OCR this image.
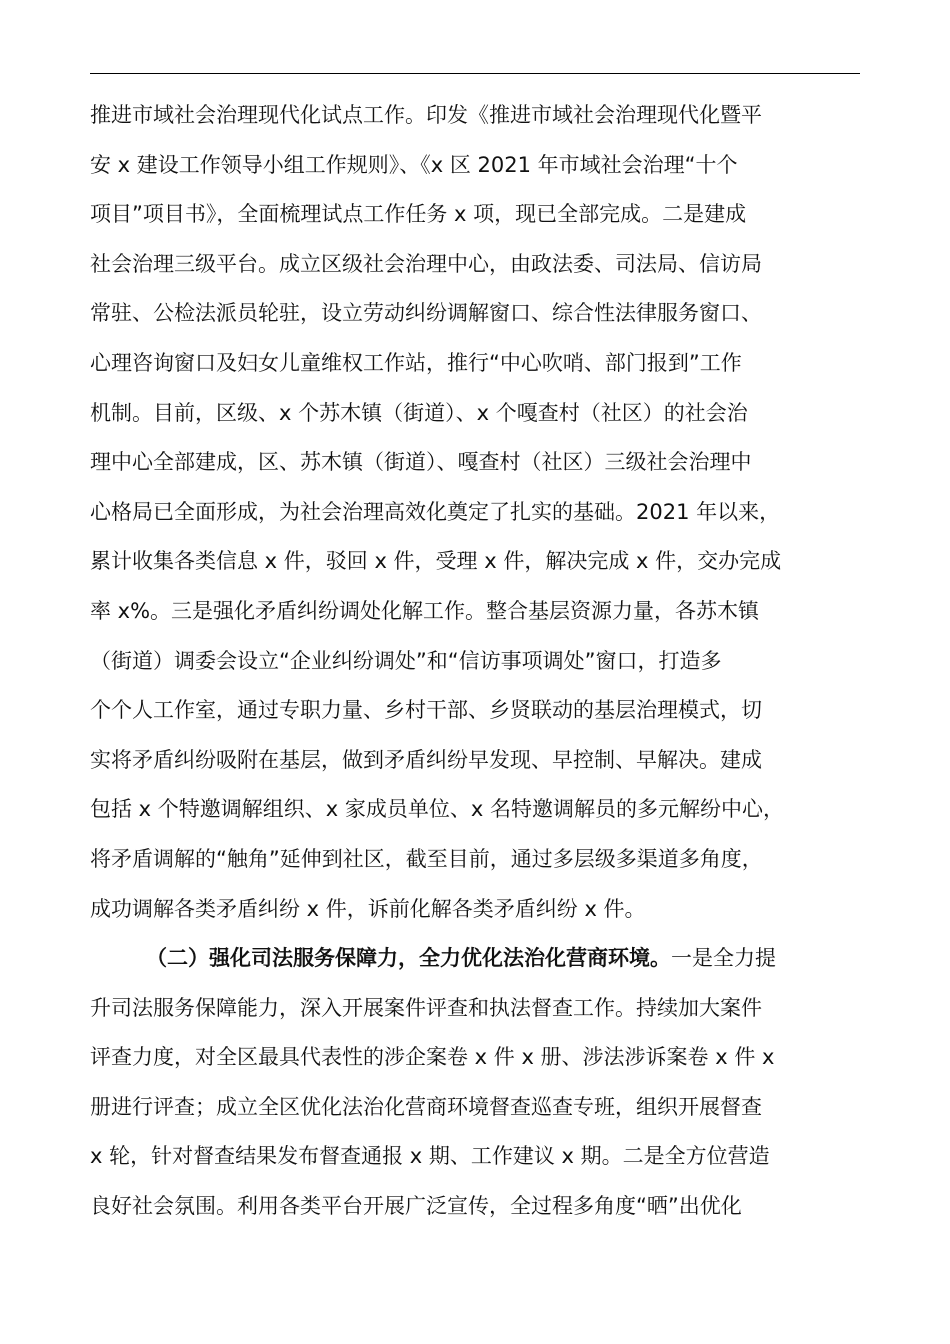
推进市域社会治理现代化试点工作。印发《推进市域社会治理现代化暨平
安 x 建设工作领导小组工作规则》、《x 区 2021 年市域社会治理“十个
项目”项目书》，全面梳理试点工作任务 x 项，现已全部完成。二是建成
社会治理三级平台。成立区级社会治理中心，由政法委、司法局、信访局
常驻、公检法派员轮驻，设立劳动纠纷调解窗口、综合性法律服务窗口、
心理咨询窗口及妇女儿童维权工作站，推行“中心吹哨、部门报到”工作
机制。目前，区级、x 个苏木镇（街道）、x 个嘎查村（社区）的社会治
理中心全部建成，区、苏木镇（街道）、嘎查村（社区）三级社会治理中
心格局已全面形成，为社会治理高效化奠定了扎实的基础。2021 年以来，
累计收集各类信息 x 件，驳回 x 件，受理 x 件，解决完成 x 件，交办完成
率 x%。三是强化矛盾纠纷调处化解工作。整合基层资源力量，各苏木镇
（街道）调委会设立“企业纠纷调处”和“信访事项调处”窗口，打造多
个个人工作室，通过专职力量、乡村干部、乡贤联动的基层治理模式，切
实将矛盾纠纷吸附在基层，做到矛盾纠纷早发现、早控制、早解决。建成
包括 x 个特邀调解组织、x 家成员单位、x 名特邀调解员的多元解纷中心，
将矛盾调解的“触角”延伸到社区，截至目前，通过多层级多渠道多角度，
成功调解各类矛盾纠纷 x 件，诉前化解各类矛盾纠纷 x 件。
（二）强化司法服务保障力，全力优化法治化营商环境。一是全力提
升司法服务保障能力，深入开展案件评查和执法督查工作。持续加大案件
评查力度，对全区最具代表性的涉企案卷 x 件 x 册、涉法涉诉案卷 x 件 x
册进行评查；成立全区优化法治化营商环境督查巡查专班，组织开展督查
x 轮，针对督查结果发布督查通报 x 期、工作建议 x 期。二是全方位营造
良好社会氛围。利用各类平台开展广泛宣传，全过程多角度“晒”出优化
